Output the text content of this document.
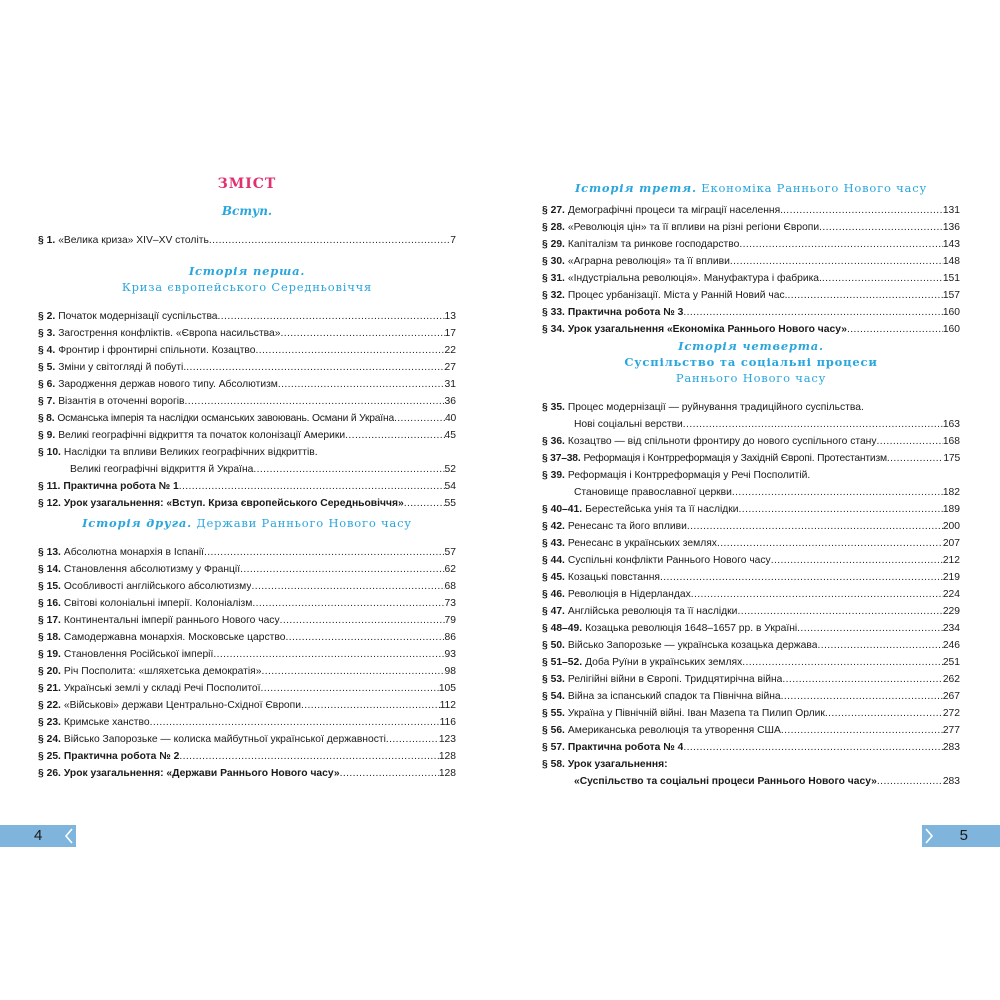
ЗМІСТ
Вступ.
§ 1. «Велика криза» XIV–XV століть .....	7
Історія перша.
Криза європейського Середньовіччя
§ 2. Початок модернізації суспільства .....	13
§ 3. Загострення конфліктів. «Європа насильства» .....	17
§ 4. Фронтир і фронтирні спільноти. Козацтво .....	22
§ 5. Зміни у світогляді й побуті. .....	27
§ 6. Зародження держав нового типу. Абсолютизм .....	31
§ 7. Візантія в оточенні ворогів .....	36
§ 8. Османська імперія та наслідки османських завоювань. Османи й Україна .....	40
§ 9. Великі географічні відкриття та початок колонізації Америки .....	45
§ 10. Наслідки та впливи Великих географічних відкриттів.
Великі географічні відкриття й Україна .....	52
§ 11. Практична робота № 1 .....	54
§ 12. Урок узагальнення: «Вступ. Криза європейського Середньовіччя» .....	55
Історія друга. Держави Раннього Нового часу
§ 13. Абсолютна монархія в Іспанії .....	57
§ 14. Становлення абсолютизму у Франції .....	62
§ 15. Особливості англійського абсолютизму .....	68
§ 16. Світові колоніальні імперії. Колоніалізм .....	73
§ 17. Континентальні імперії раннього Нового часу .....	79
§ 18. Самодержавна монархія. Московське царство .....	86
§ 19. Становлення Російської імперії .....	93
§ 20. Річ Посполита: «шляхетська демократія» .....	98
§ 21. Українські землі у складі Речі Посполитої .....	105
§ 22. «Військові» держави Центрально-Східної Європи .....	112
§ 23. Кримське ханство .....	116
§ 24. Військо Запорозьке — колиска майбутньої української державності .....	123
§ 25. Практична робота № 2 .....	128
§ 26. Урок узагальнення: «Держави Раннього Нового часу» .....	128
4
Історія третя. Економіка Раннього Нового часу
§ 27. Демографічні процеси та міграції населення. .....	131
§ 28. «Революція цін» та її впливи на різні регіони Європи .....	136
§ 29. Капіталізм та ринкове господарство .....	143
§ 30. «Аграрна революція» та її впливи .....	148
§ 31. «Індустріальна революція». Мануфактура і фабрика. .....	151
§ 32. Процес урбанізації. Міста у Ранній Новий час. .....	157
§ 33. Практична робота № 3 .....	160
§ 34. Урок узагальнення «Економіка Раннього Нового часу» .....	160
Історія четверта.
Суспільство та соціальні процеси
Раннього Нового часу
§ 35. Процес модернізації — руйнування традиційного суспільства.
Нові соціальні верстви .....	163
§ 36. Козацтво — від спільноти фронтиру до нового суспільного стану .....	168
§ 37–38. Реформація і Контрреформація у Західній Європі. Протестантизм .....	175
§ 39. Реформація і Контрреформація у Речі Посполитій.
Становище православної церкви .....	182
§ 40–41. Берестейська унія та її наслідки .....	189
§ 42. Ренесанс та його впливи .....	200
§ 43. Ренесанс в українських землях .....	207
§ 44. Суспільні конфлікти Раннього Нового часу .....	212
§ 45. Козацькі повстання .....	219
§ 46. Революція в Нідерландах .....	224
§ 47. Англійська революція та її наслідки .....	229
§ 48–49. Козацька революція 1648–1657 рр. в Україні .....	234
§ 50. Військо Запорозьке — українська козацька держава .....	246
§ 51–52. Доба Руїни в українських землях .....	251
§ 53. Релігійні війни в Європі. Тридцятирічна війна .....	262
§ 54. Війна за іспанський спадок та Північна війна .....	267
§ 55. Україна у Північній війні. Іван Мазепа та Пилип Орлик .....	272
§ 56. Американська революція та утворення США .....	277
§ 57. Практична робота № 4 .....	283
§ 58. Урок узагальнення:
«Суспільство та соціальні процеси Раннього Нового часу» .....	283
5
